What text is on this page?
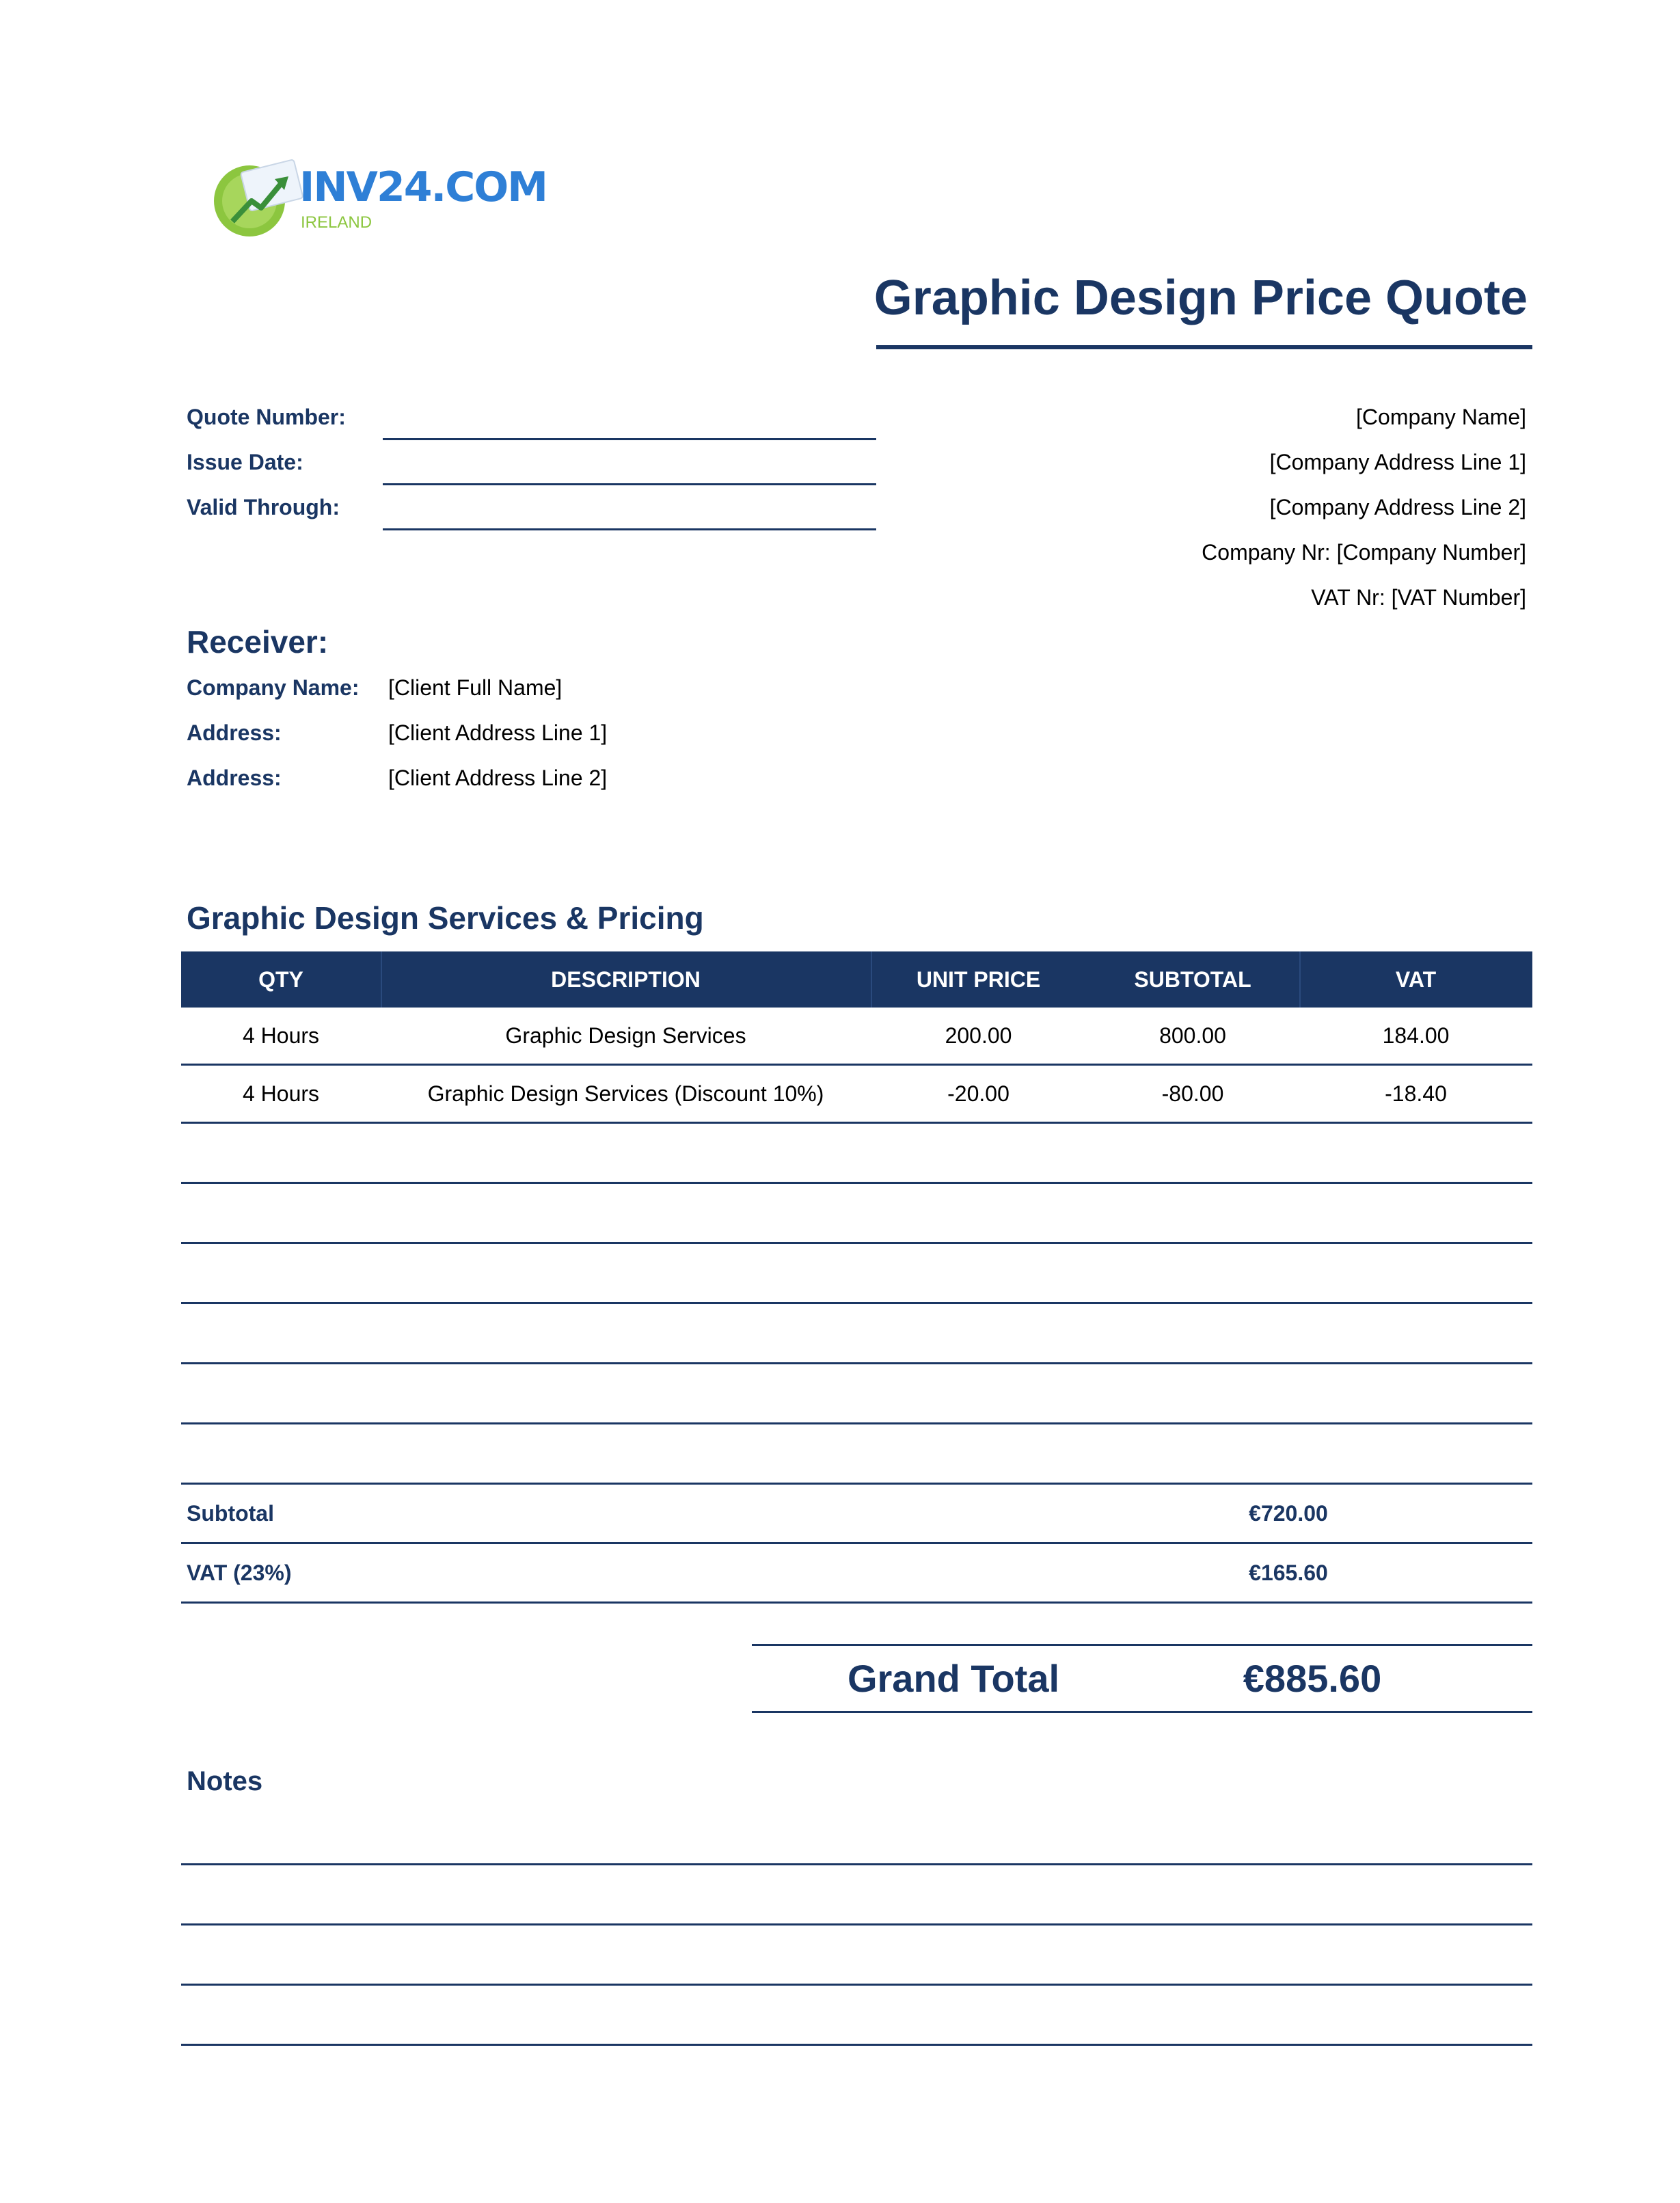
INV24.COM
IRELAND
Graphic Design Price Quote
Quote Number:
Issue Date:
Valid Through:
[Company Name]
[Company Address Line 1]
[Company Address Line 2]
Company Nr: [Company Number]
VAT Nr: [VAT Number]
Receiver:
Company Name: [Client Full Name]
Address:	[Client Address Line 1]
Address:	[Client Address Line 2]
Graphic Design Services & Pricing
QTY	DESCRIPTION	UNIT PRICE	SUBTOTAL	VAT
4 Hours	Graphic Design Services	200.00	800.00	184.00
4 Hours	Graphic Design Services (Discount 10%)	-20.00	-80.00	-18.40
Subtotal	€720.00
VAT (23%)	€165.60
Grand Total	€885.60
Notes
